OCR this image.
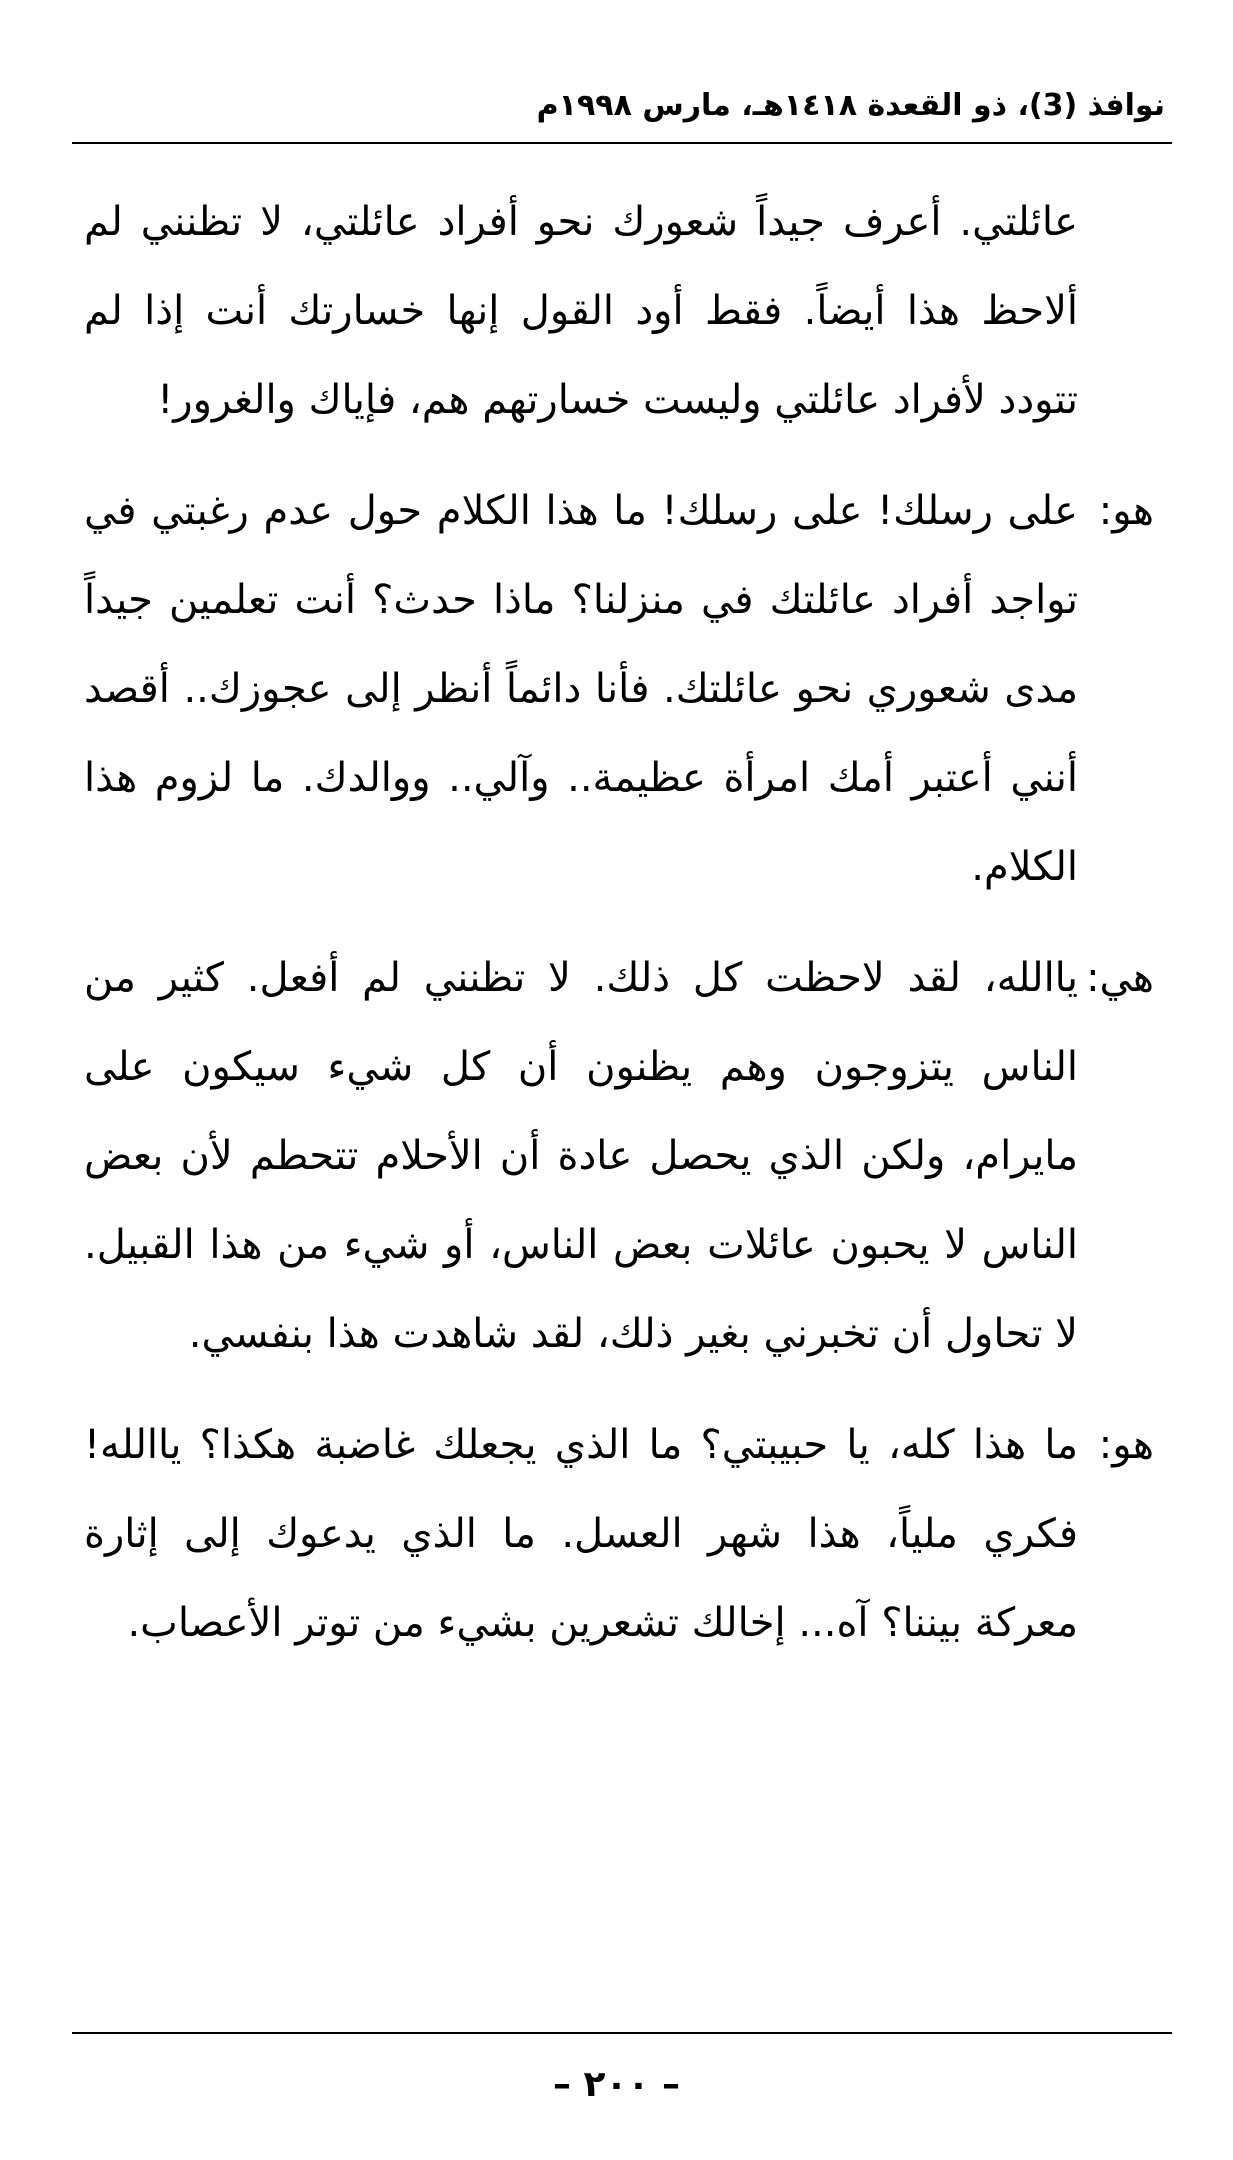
نوافذ (3)، ذو القعدة ١٤١٨هـ، مارس ١٩٩٨م

عائلتي. أعرف جيداً شعورك نحو أفراد عائلتي، لا تظنني لم ألاحظ هذا أيضاً. فقط أود القول إنها خسارتك أنت إذا لم تتودد لأفراد عائلتي وليست خسارتهم هم، فإياك والغرور!

هو:
على رسلك! على رسلك! ما هذا الكلام حول عدم رغبتي في تواجد أفراد عائلتك في منزلنا؟ ماذا حدث؟ أنت تعلمين جيداً مدى شعوري نحو عائلتك. فأنا دائماً أنظر إلى عجوزك.. أقصد أنني أعتبر أمك امرأة عظيمة.. وآلي.. ووالدك. ما لزوم هذا الكلام.

هي:
ياالله، لقد لاحظت كل ذلك. لا تظنني لم أفعل. كثير من الناس يتزوجون وهم يظنون أن كل شيء سيكون على مايرام، ولكن الذي يحصل عادة أن الأحلام تتحطم لأن بعض الناس لا يحبون عائلات بعض الناس، أو شيء من هذا القبيل. لا تحاول أن تخبرني بغير ذلك، لقد شاهدت هذا بنفسي.

هو:
ما هذا كله، يا حبيبتي؟ ما الذي يجعلك غاضبة هكذا؟ ياالله! فكري ملياً، هذا شهر العسل. ما الذي يدعوك إلى إثارة معركة بيننا؟ آه... إخالك تشعرين بشيء من توتر الأعصاب.

– ٢٠٠ –
